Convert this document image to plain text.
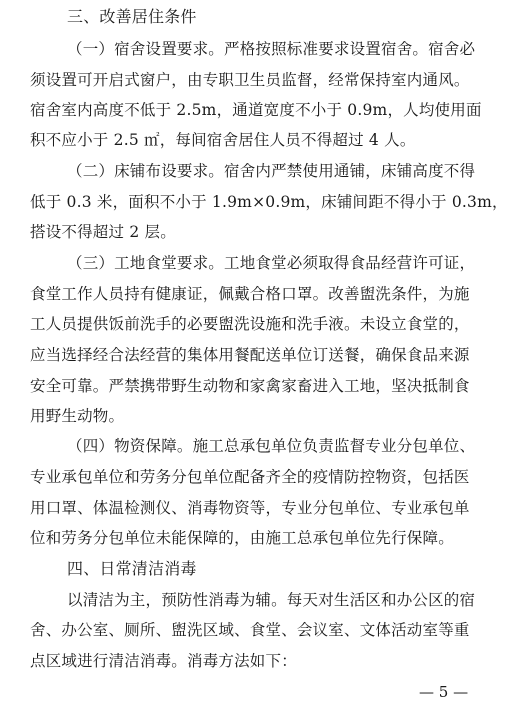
三、改善居住条件
（一）宿舍设置要求。严格按照标准要求设置宿舍。宿舍必
须设置可开启式窗户，由专职卫生员监督，经常保持室内通风。
宿舍室内高度不低于 2.5m，通道宽度不小于 0.9m，人均使用面
积不应小于 2.5 ㎡，每间宿舍居住人员不得超过 4 人。
（二）床铺布设要求。宿舍内严禁使用通铺，床铺高度不得
低于 0.3 米，面积不小于 1.9m×0.9m，床铺间距不得小于 0.3m，
搭设不得超过 2 层。
（三）工地食堂要求。工地食堂必须取得食品经营许可证，
食堂工作人员持有健康证，佩戴合格口罩。改善盥洗条件，为施
工人员提供饭前洗手的必要盥洗设施和洗手液。未设立食堂的，
应当选择经合法经营的集体用餐配送单位订送餐，确保食品来源
安全可靠。严禁携带野生动物和家禽家畜进入工地，坚决抵制食
用野生动物。
（四）物资保障。施工总承包单位负责监督专业分包单位、
专业承包单位和劳务分包单位配备齐全的疫情防控物资，包括医
用口罩、体温检测仪、消毒物资等，专业分包单位、专业承包单
位和劳务分包单位未能保障的，由施工总承包单位先行保障。
四、日常清洁消毒
以清洁为主，预防性消毒为辅。每天对生活区和办公区的宿
舍、办公室、厕所、盥洗区域、食堂、会议室、文体活动室等重
点区域进行清洁消毒。消毒方法如下：
— 5 —
